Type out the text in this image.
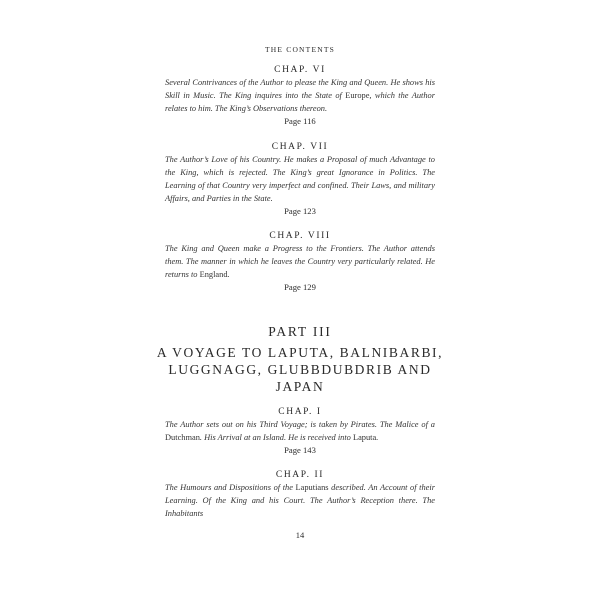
THE CONTENTS

CHAP. VI

Several Contrivances of the Author to please the King and Queen. He shows his Skill in Music. The King inquires into the State of Europe, which the Author relates to him. The King’s Observations thereon.

Page 116

CHAP. VII

The Author’s Love of his Country. He makes a Proposal of much Advantage to the King, which is rejected. The King’s great Ignorance in Politics. The Learning of that Country very imperfect and confined. Their Laws, and military Affairs, and Parties in the State.

Page 123

CHAP. VIII

The King and Queen make a Progress to the Frontiers. The Author attends them. The manner in which he leaves the Country very particularly related. He returns to England.

Page 129

PART III

A VOYAGE TO LAPUTA, BALNIBARBI, LUGGNAGG, GLUBBDUBDRIB AND JAPAN

CHAP. I

The Author sets out on his Third Voyage; is taken by Pirates. The Malice of a Dutchman. His Arrival at an Island. He is received into Laputa.

Page 143

CHAP. II

The Humours and Dispositions of the Laputians described. An Account of their Learning. Of the King and his Court. The Author’s Reception there. The Inhabitants

14
